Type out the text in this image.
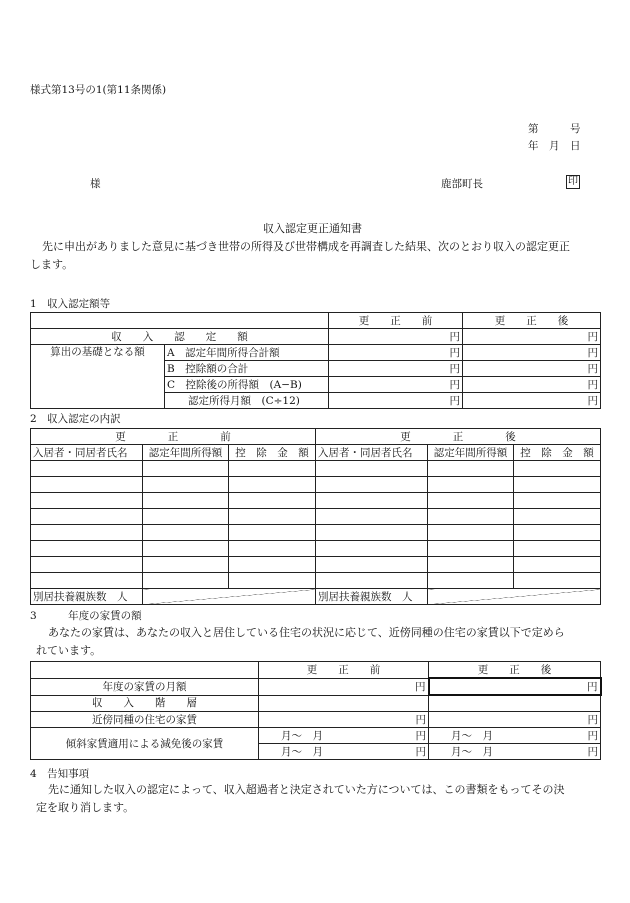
様式第13号の1(第11条関係)
第　　　号
年　月　日
様	鹿部町長	印
収入認定更正通知書
先に申出がありました意見に基づき世帯の所得及び世帯構成を再調査した結果、次のとおり収入の認定更正
します。
1　収入認定額等
		更　　正　　前	更　　正　　後
収　　入　　認　　定　　額		円	円
算出の基礎となる額	A　認定年間所得合計額	円	円
	B　控除額の合計	円	円
	C　控除後の所得額　(A−B)	円	円
	　　認定所得月額　(C÷12)	円	円
2　収入認定の内訳
更　　　　正　　　　前			更　　　　正　　　　後		
入居者・同居者氏名	認定年間所得額	控　除　金　額	入居者・同居者氏名	認定年間所得額	控　除　金　額

別居扶養親族数　人			別居扶養親族数　人		
3　　　年度の家賃の額
あなたの家賃は、あなたの収入と居住している住宅の状況に応じて、近傍同種の住宅の家賃以下で定めら
れています。
	更　　正　　前	更　　正　　後
年度の家賃の月額	円	円
収　　入　　階　　層		
近傍同種の住宅の家賃	円	円
傾斜家賃適用による減免後の家賃	月～　月 円	月～　月 円

	月～　月 円	月～　月 円
4　告知事項
先に通知した収入の認定によって、収入超過者と決定されていた方については、この書類をもってその決
定を取り消します。
